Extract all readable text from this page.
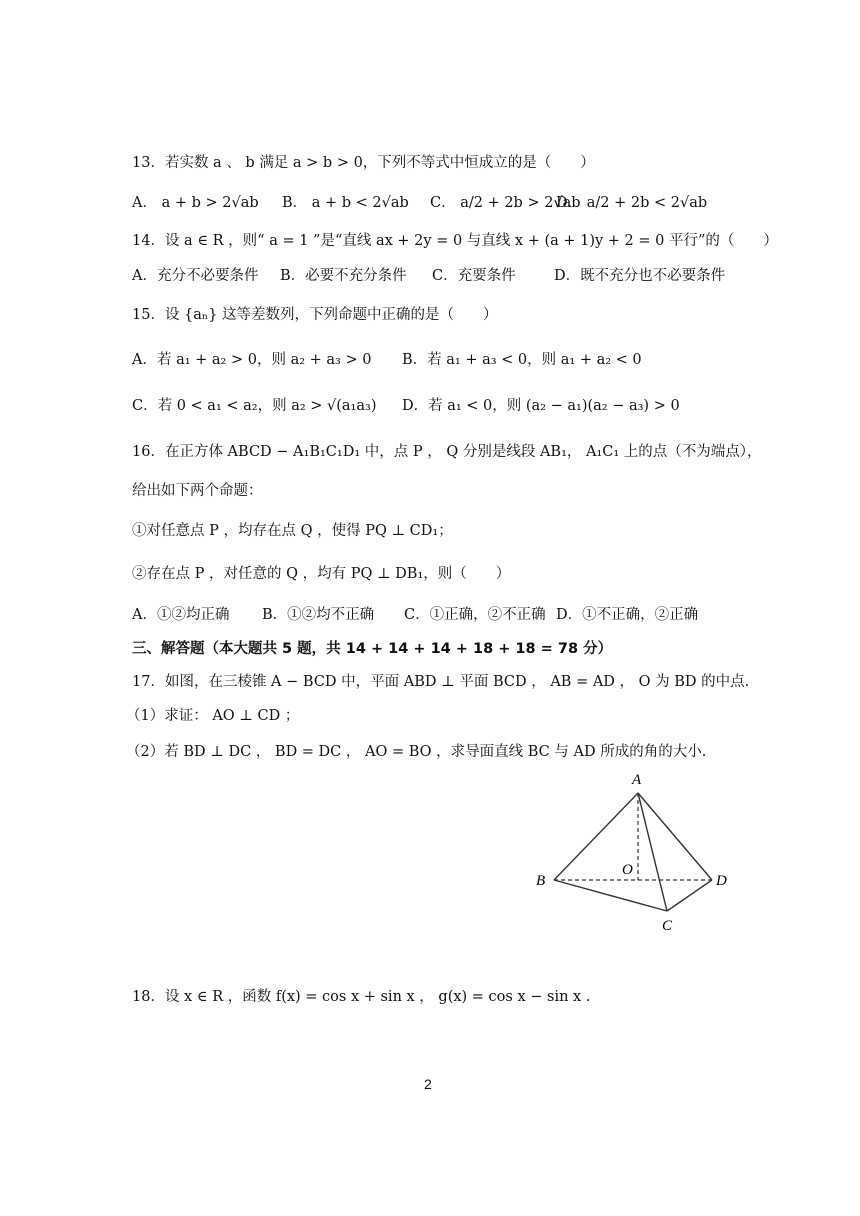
13．若实数 a 、 b 满足 a > b > 0，下列不等式中恒成立的是（　　）
A． a + b > 2√ab B． a + b < 2√ab C． a/2 + 2b > 2√ab
D． a/2 + 2b < 2√ab
14．设 a ∈ R ，则“ a = 1 ”是“直线 ax + 2y = 0 与直线 x + (a + 1)y + 2 = 0 平行”的（　　）
A．充分不必要条件 B．必要不充分条件 C．充要条件	D．既不充分也不必要条件
15．设 {aₙ} 这等差数列，下列命题中正确的是（　　）
A．若 a₁ + a₂ > 0，则 a₂ + a₃ > 0 B．若 a₁ + a₃ < 0，则 a₁ + a₂ < 0
C．若 0 < a₁ < a₂，则 a₂ > √(a₁a₃) D．若 a₁ < 0，则 (a₂ − a₁)(a₂ − a₃) > 0
16．在正方体 ABCD − A₁B₁C₁D₁ 中，点 P ， Q 分别是线段 AB₁， A₁C₁ 上的点（不为端点），
给出如下两个命题：
①对任意点 P ，均存在点 Q ，使得 PQ ⊥ CD₁；
②存在点 P ，对任意的 Q ，均有 PQ ⊥ DB₁，则（　　）
A．①②均正确 B．①②均不正确 C．①正确，②不正确 D．①不正确，②正确
三、解答题（本大题共 5 题，共 14 + 14 + 14 + 18 + 18 = 78 分）
17．如图，在三棱锥 A − BCD 中，平面 ABD ⊥ 平面 BCD ， AB = AD ， O 为 BD 的中点.
（1）求证： AO ⊥ CD ；
（2）若 BD ⊥ DC ， BD = DC ， AO = BO ，求导面直线 BC 与 AD 所成的角的大小.
A
B
C
D
O
18．设 x ∈ R ，函数 f(x) = cos x + sin x ， g(x) = cos x − sin x .
2
